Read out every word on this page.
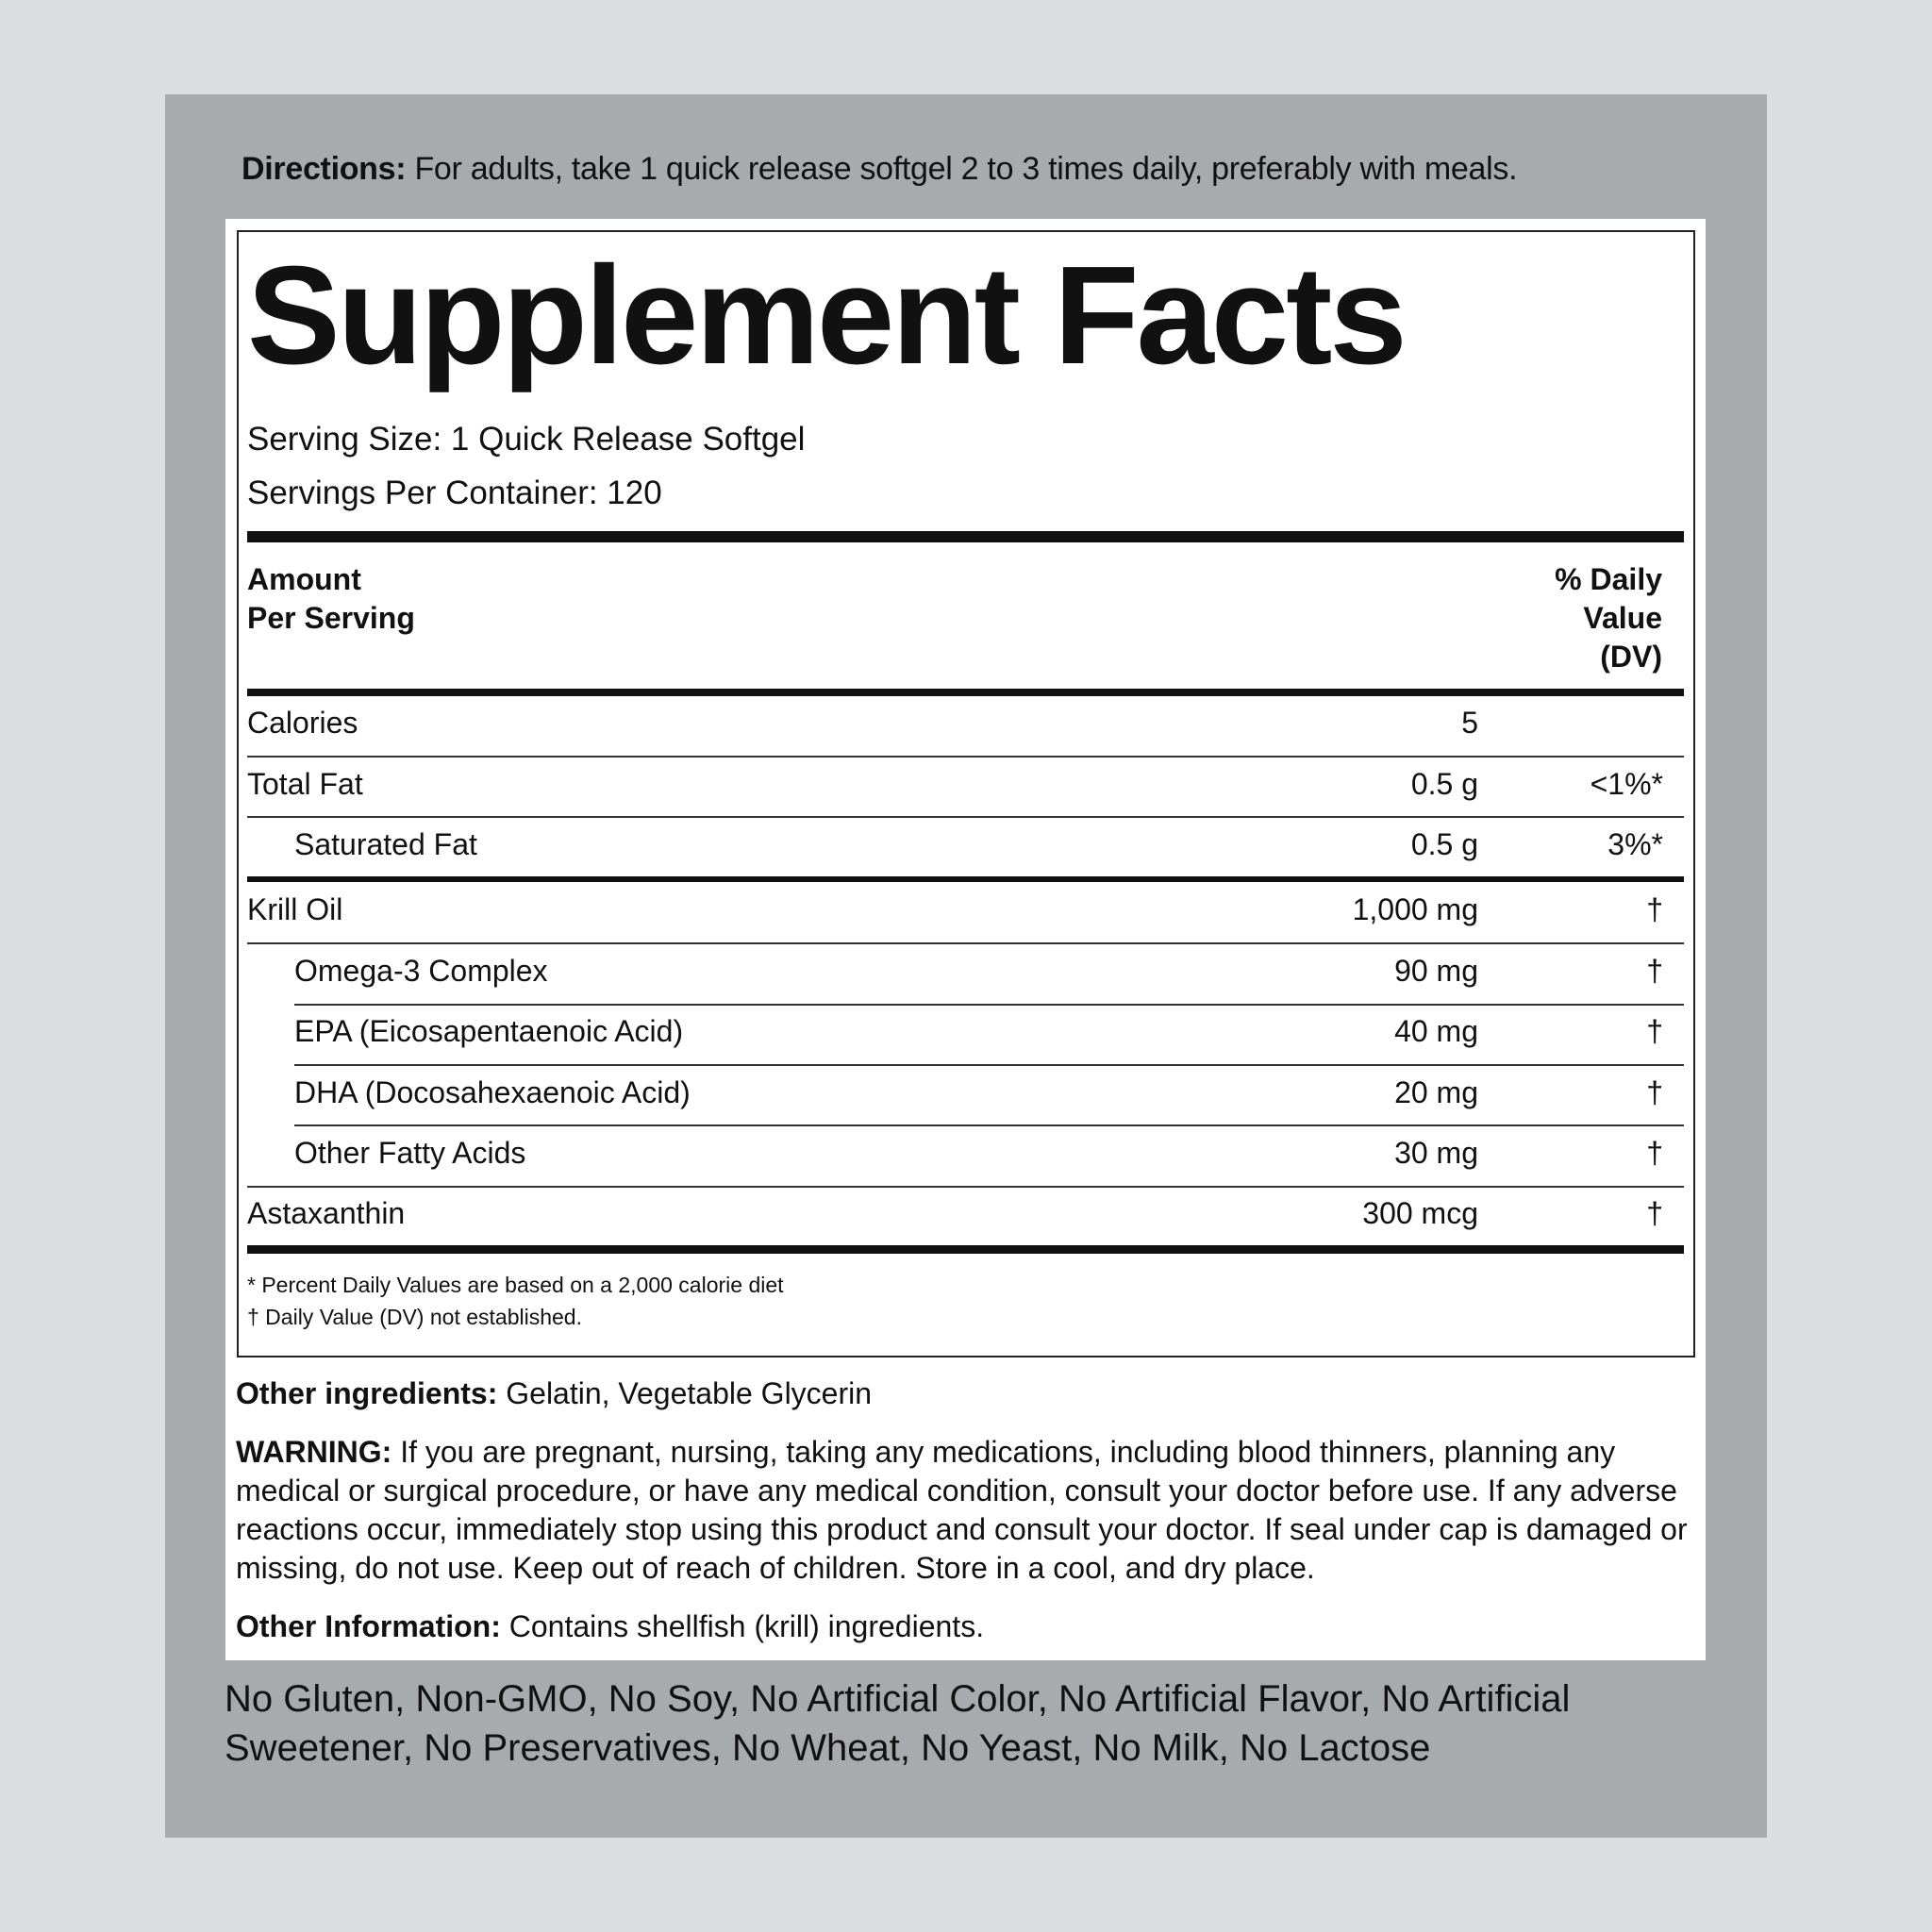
Directions: For adults, take 1 quick release softgel 2 to 3 times daily, preferably with meals.
Supplement Facts
Serving Size: 1 Quick Release Softgel
Servings Per Container: 120
Amount
Per Serving
% Daily
Value
(DV)
Calories	5
Total Fat	0.5 g	<1%*
Saturated Fat	0.5 g	3%*
Krill Oil	1,000 mg	†
Omega-3 Complex	90 mg	†
EPA (Eicosapentaenoic Acid)	40 mg	†
DHA (Docosahexaenoic Acid)	20 mg	†
Other Fatty Acids	30 mg	†
Astaxanthin	300 mcg	†
* Percent Daily Values are based on a 2,000 calorie diet
† Daily Value (DV) not established.
Other ingredients: Gelatin, Vegetable Glycerin
WARNING: If you are pregnant, nursing, taking any medications, including blood thinners, planning any medical or surgical procedure, or have any medical condition, consult your doctor before use. If any adverse reactions occur, immediately stop using this product and consult your doctor. If seal under cap is damaged or missing, do not use. Keep out of reach of children. Store in a cool, and dry place.
Other Information: Contains shellfish (krill) ingredients.
No Gluten, Non-GMO, No Soy, No Artificial Color, No Artificial Flavor, No Artificial Sweetener, No Preservatives, No Wheat, No Yeast, No Milk, No Lactose
